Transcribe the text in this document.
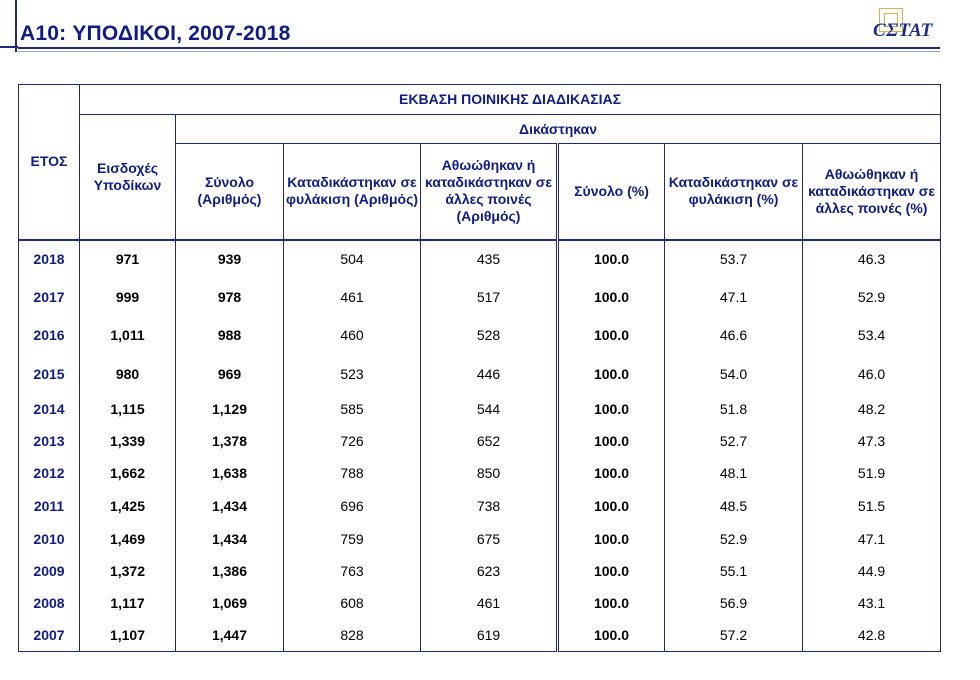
A10: ΥΠΟΔΙΚΟΙ, 2007-2018	CΣΤΑΤ
ΕΤΟΣ	ΕΚΒΑΣΗ ΠΟΙΝΙΚΗΣ ΔΙΑΔΙΚΑΣΙΑΣ						
	Εισδοχές Υποδίκων	Δικάστηκαν					
		Σύνολο (Αριθμός)	Καταδικάστηκαν σε φυλάκιση (Αριθμός)	Αθωώθηκαν ή καταδικάστηκαν σε άλλες ποινές (Αριθμός)	Σύνολο (%)	Καταδικάστηκαν σε φυλάκιση (%)	Αθωώθηκαν ή καταδικάστηκαν σε άλλες ποινές (%)
2018	971	939	504	435	100.0	53.7	46.3
2017	999	978	461	517	100.0	47.1	52.9
2016	1,011	988	460	528	100.0	46.6	53.4
2015	980	969	523	446	100.0	54.0	46.0
2014	1,115	1,129	585	544	100.0	51.8	48.2
2013	1,339	1,378	726	652	100.0	52.7	47.3
2012	1,662	1,638	788	850	100.0	48.1	51.9
2011	1,425	1,434	696	738	100.0	48.5	51.5
2010	1,469	1,434	759	675	100.0	52.9	47.1
2009	1,372	1,386	763	623	100.0	55.1	44.9
2008	1,117	1,069	608	461	100.0	56.9	43.1
2007	1,107	1,447	828	619	100.0	57.2	42.8
